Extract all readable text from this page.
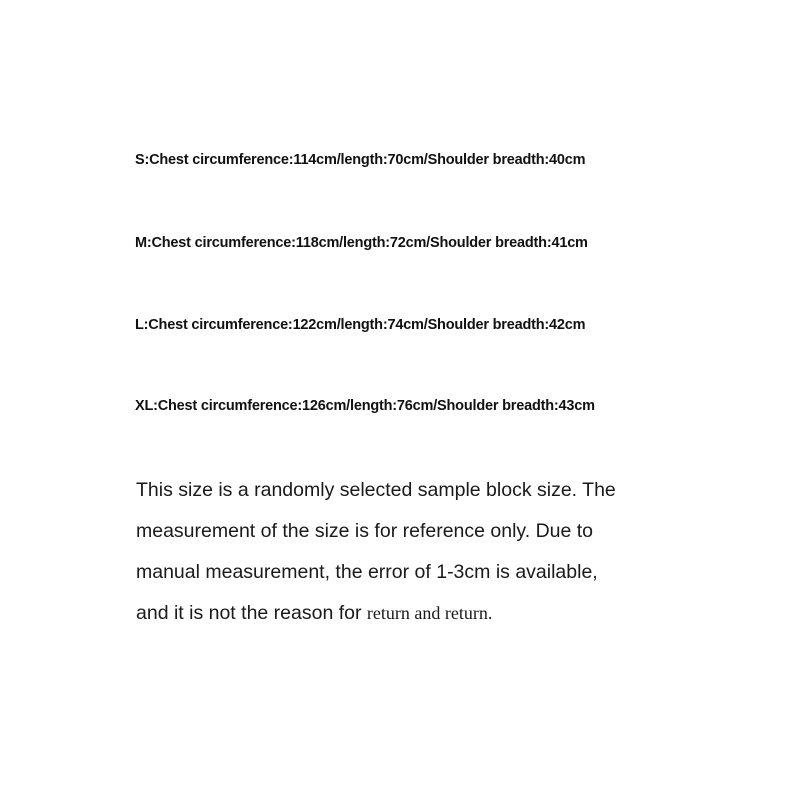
S:Chest circumference:114cm/length:70cm/Shoulder breadth:40cm
M:Chest circumference:118cm/length:72cm/Shoulder breadth:41cm
L:Chest circumference:122cm/length:74cm/Shoulder breadth:42cm
XL:Chest circumference:126cm/length:76cm/Shoulder breadth:43cm
This size is a randomly selected sample block size. The
measurement of the size is for reference only. Due to
manual measurement, the error of 1-3cm is available,
and it is not the reason for return and return.
